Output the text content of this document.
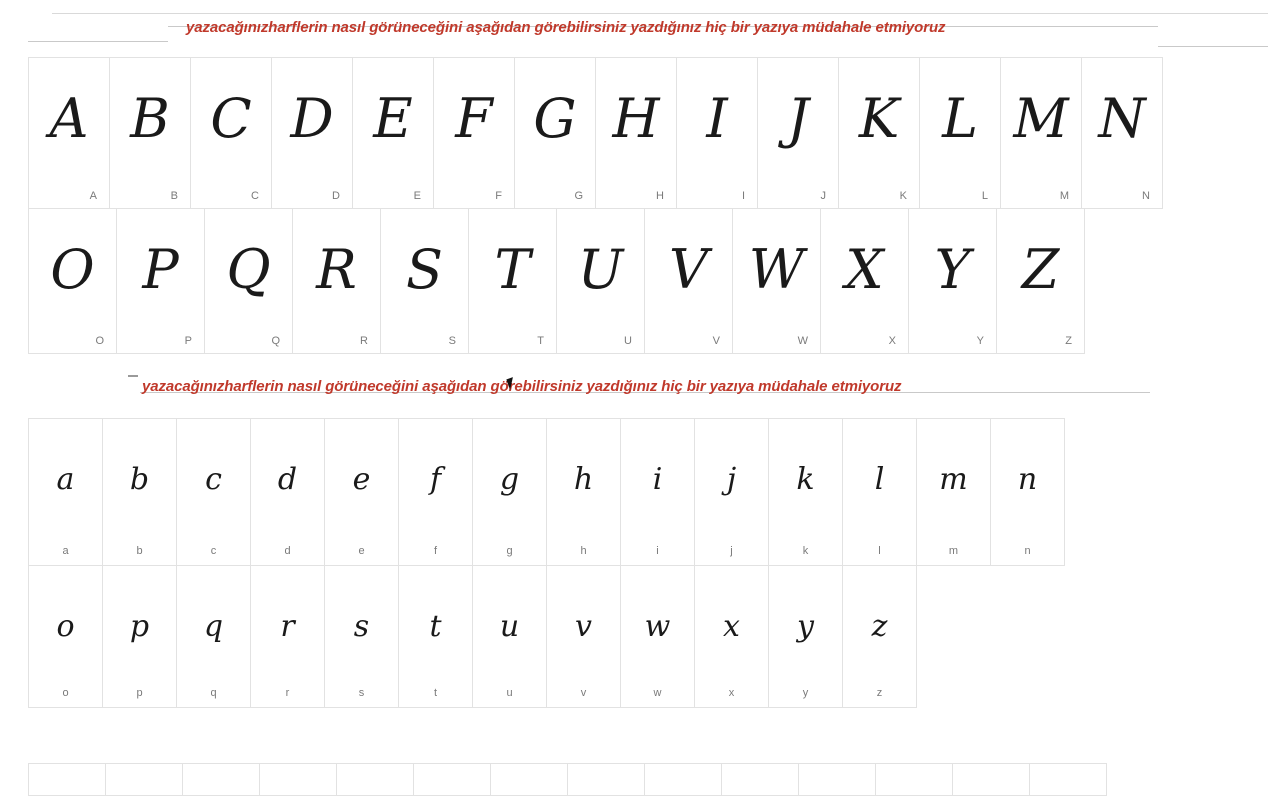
yazacağınızharflerin nasıl görüneceğini aşağıdan görebilirsiniz yazdığınız hiç bir yazıya müdahale etmiyoruz
A
A
B
B
C
C
D
D
E
E
F
F
G
G
H
H
I
I
J
J
K
K
L
L
M
M
N
N
O
O
P
P
Q
Q
R
R
S
S
T
T
U
U
V
V
W
W
X
X
Y
Y
Z
Z
yazacağınızharflerin nasıl görüneceğini aşağıdan görebilirsiniz yazdığınız hiç bir yazıya müdahale etmiyoruz
a
a
b
b
c
c
d
d
e
e
f
f
g
g
h
h
i
i
j
j
k
k
l
l
m
m
n
n
o
o
p
p
q
q
r
r
s
s
t
t
u
u
v
v
w
w
x
x
y
y
z
z
